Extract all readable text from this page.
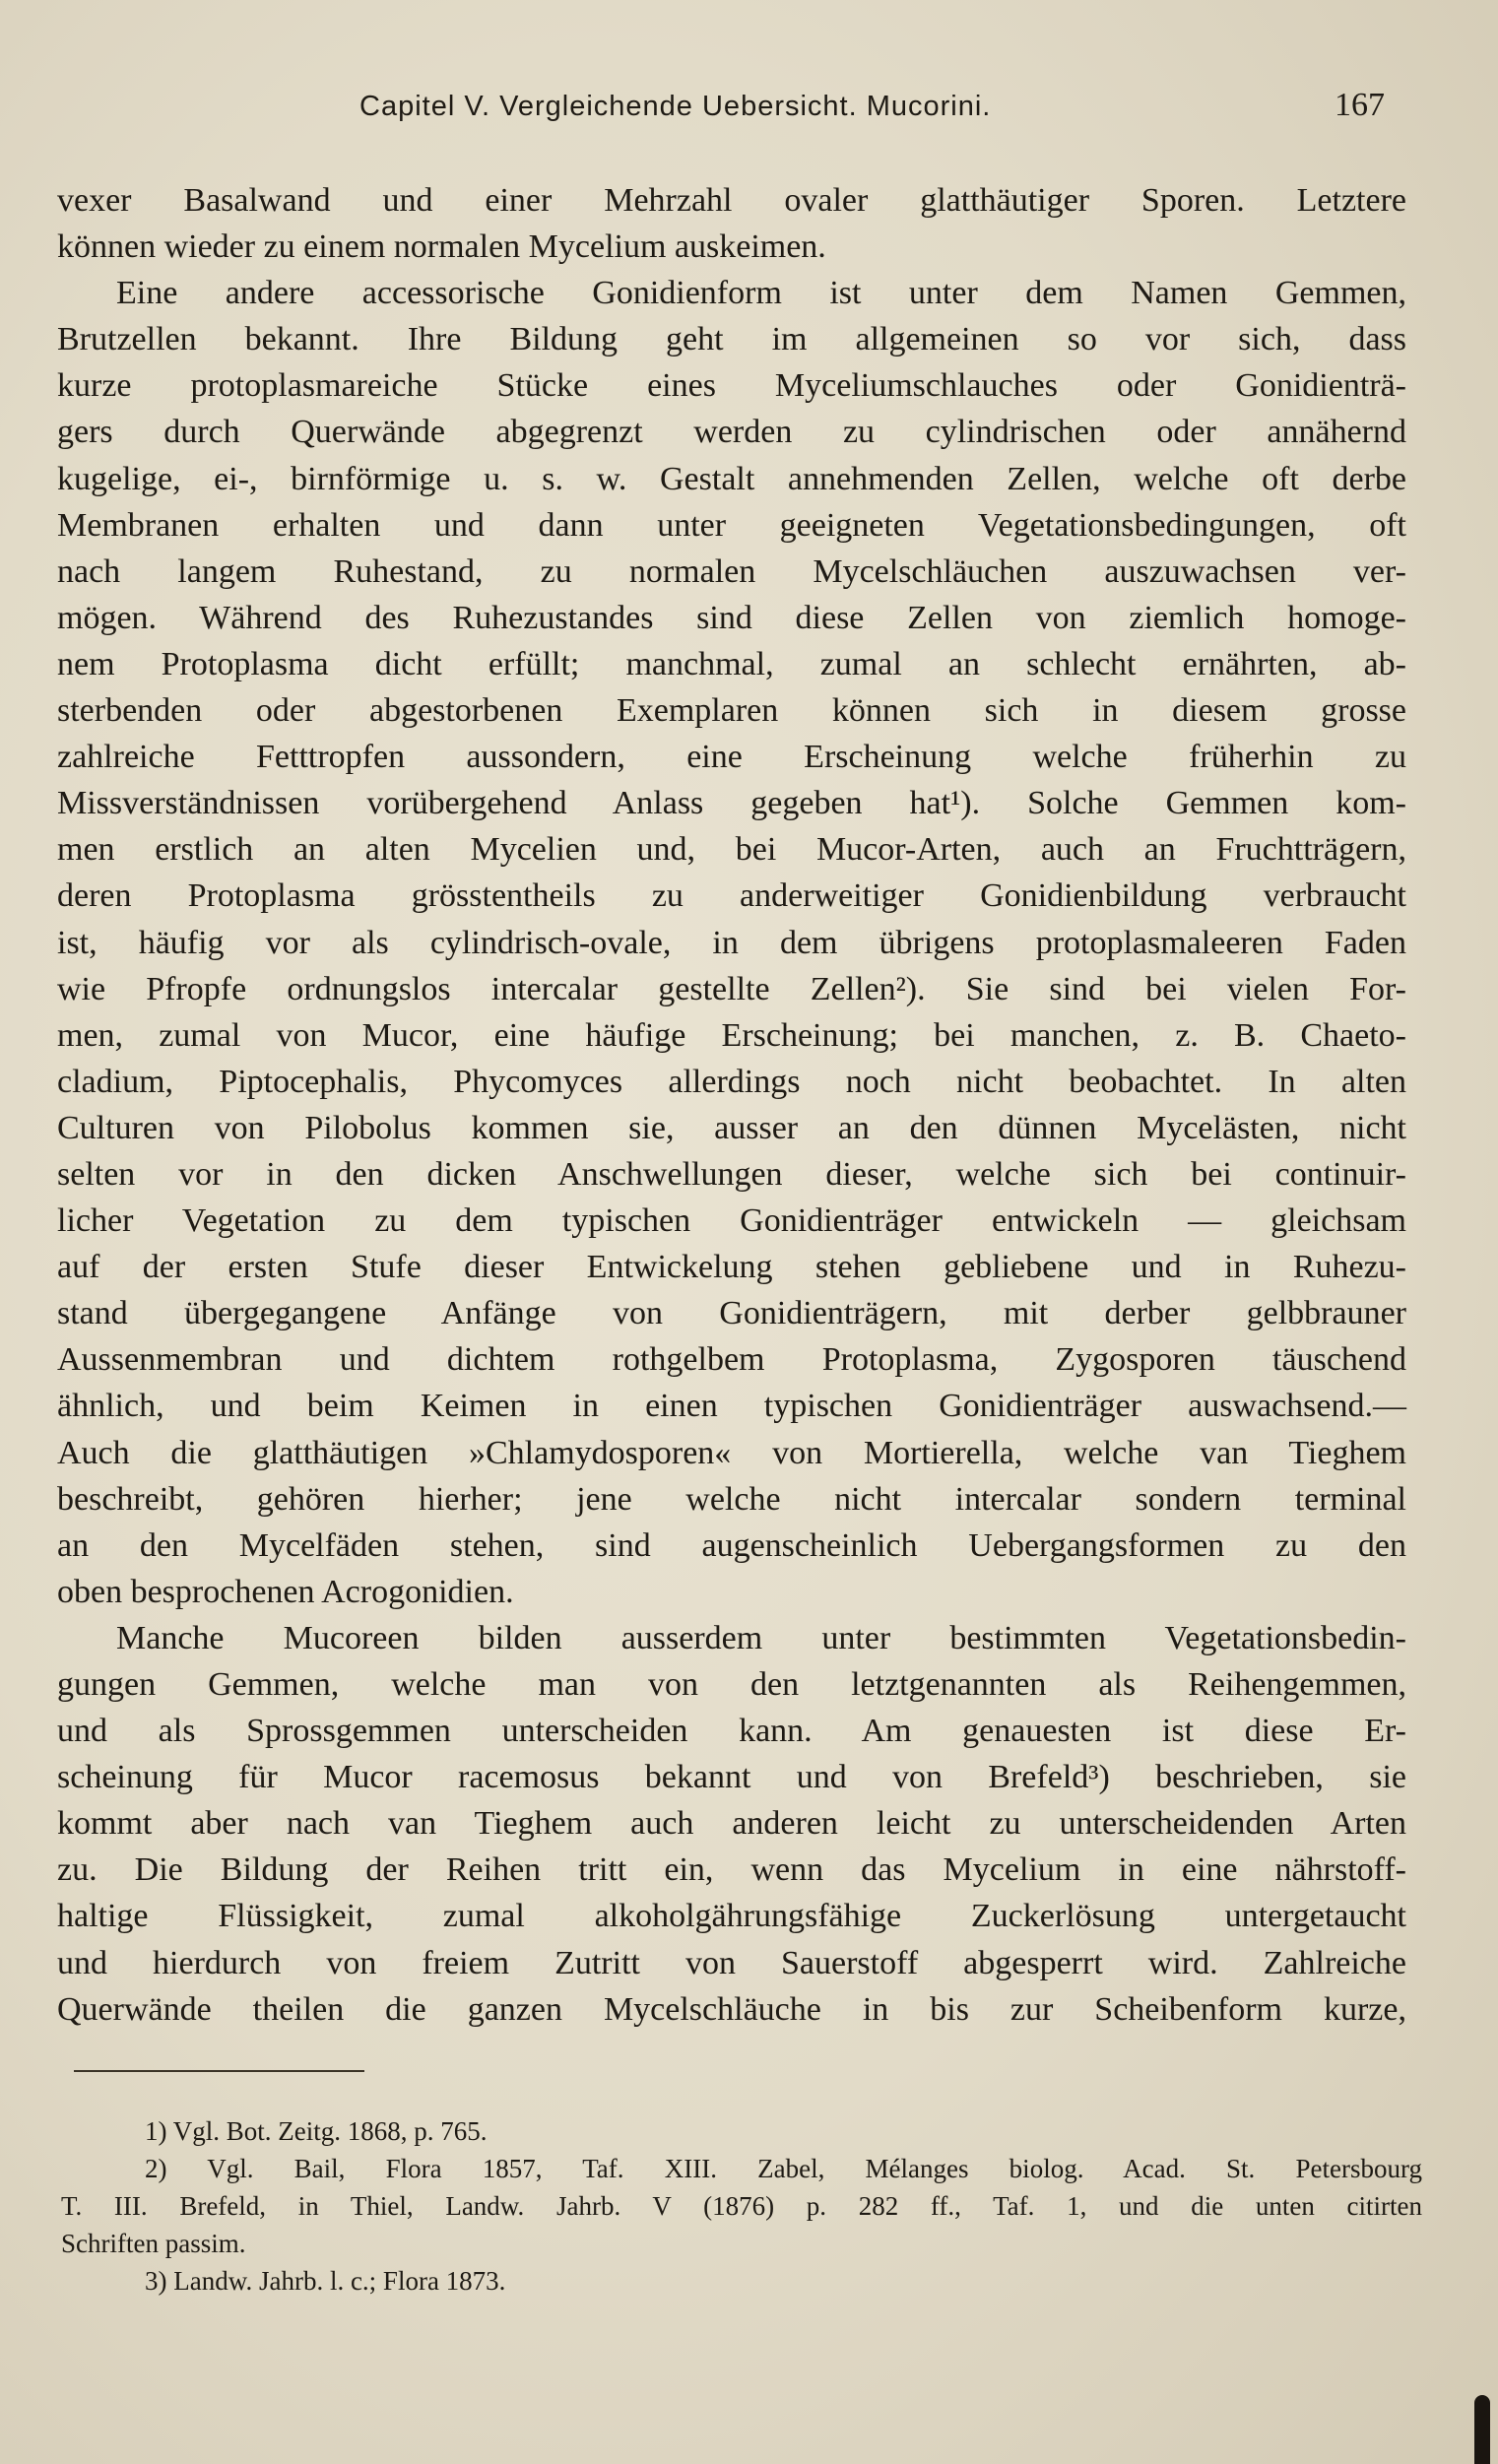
Capitel V. Vergleichende Uebersicht. Mucorini.	167
vexer Basalwand und einer Mehrzahl ovaler glatthäutiger Sporen. Letztere
können wieder zu einem normalen Mycelium auskeimen.
Eine andere accessorische Gonidienform ist unter dem Namen Gemmen,
Brutzellen bekannt. Ihre Bildung geht im allgemeinen so vor sich, dass
kurze protoplasmareiche Stücke eines Myceliumschlauches oder Gonidienträ-
gers durch Querwände abgegrenzt werden zu cylindrischen oder annähernd
kugelige, ei-, birnförmige u. s. w. Gestalt annehmenden Zellen, welche oft derbe
Membranen erhalten und dann unter geeigneten Vegetationsbedingungen, oft
nach langem Ruhestand, zu normalen Mycelschläuchen auszuwachsen ver-
mögen. Während des Ruhezustandes sind diese Zellen von ziemlich homoge-
nem Protoplasma dicht erfüllt; manchmal, zumal an schlecht ernährten, ab-
sterbenden oder abgestorbenen Exemplaren können sich in diesem grosse
zahlreiche Fetttropfen aussondern, eine Erscheinung welche früherhin zu
Missverständnissen vorübergehend Anlass gegeben hat¹). Solche Gemmen kom-
men erstlich an alten Mycelien und, bei Mucor-Arten, auch an Fruchtträgern,
deren Protoplasma grösstentheils zu anderweitiger Gonidienbildung verbraucht
ist, häufig vor als cylindrisch-ovale, in dem übrigens protoplasmaleeren Faden
wie Pfropfe ordnungslos intercalar gestellte Zellen²). Sie sind bei vielen For-
men, zumal von Mucor, eine häufige Erscheinung; bei manchen, z. B. Chaeto-
cladium, Piptocephalis, Phycomyces allerdings noch nicht beobachtet. In alten
Culturen von Pilobolus kommen sie, ausser an den dünnen Mycelästen, nicht
selten vor in den dicken Anschwellungen dieser, welche sich bei continuir-
licher Vegetation zu dem typischen Gonidienträger entwickeln — gleichsam
auf der ersten Stufe dieser Entwickelung stehen gebliebene und in Ruhezu-
stand übergegangene Anfänge von Gonidienträgern, mit derber gelbbrauner
Aussenmembran und dichtem rothgelbem Protoplasma, Zygosporen täuschend
ähnlich, und beim Keimen in einen typischen Gonidienträger auswachsend.—
Auch die glatthäutigen »Chlamydosporen« von Mortierella, welche van Tieghem
beschreibt, gehören hierher; jene welche nicht intercalar sondern terminal
an den Mycelfäden stehen, sind augenscheinlich Uebergangsformen zu den
oben besprochenen Acrogonidien.
Manche Mucoreen bilden ausserdem unter bestimmten Vegetationsbedin-
gungen Gemmen, welche man von den letztgenannten als Reihengemmen,
und als Sprossgemmen unterscheiden kann. Am genauesten ist diese Er-
scheinung für Mucor racemosus bekannt und von Brefeld³) beschrieben, sie
kommt aber nach van Tieghem auch anderen leicht zu unterscheidenden Arten
zu. Die Bildung der Reihen tritt ein, wenn das Mycelium in eine nährstoff-
haltige Flüssigkeit, zumal alkoholgährungsfähige Zuckerlösung untergetaucht
und hierdurch von freiem Zutritt von Sauerstoff abgesperrt wird. Zahlreiche
Querwände theilen die ganzen Mycelschläuche in bis zur Scheibenform kurze,
1) Vgl. Bot. Zeitg. 1868, p. 765.
2) Vgl. Bail, Flora 1857, Taf. XIII. Zabel, Mélanges biolog. Acad. St. Petersbourg
T. III. Brefeld, in Thiel, Landw. Jahrb. V (1876) p. 282 ff., Taf. 1, und die unten citirten
Schriften passim.
3) Landw. Jahrb. l. c.; Flora 1873.
